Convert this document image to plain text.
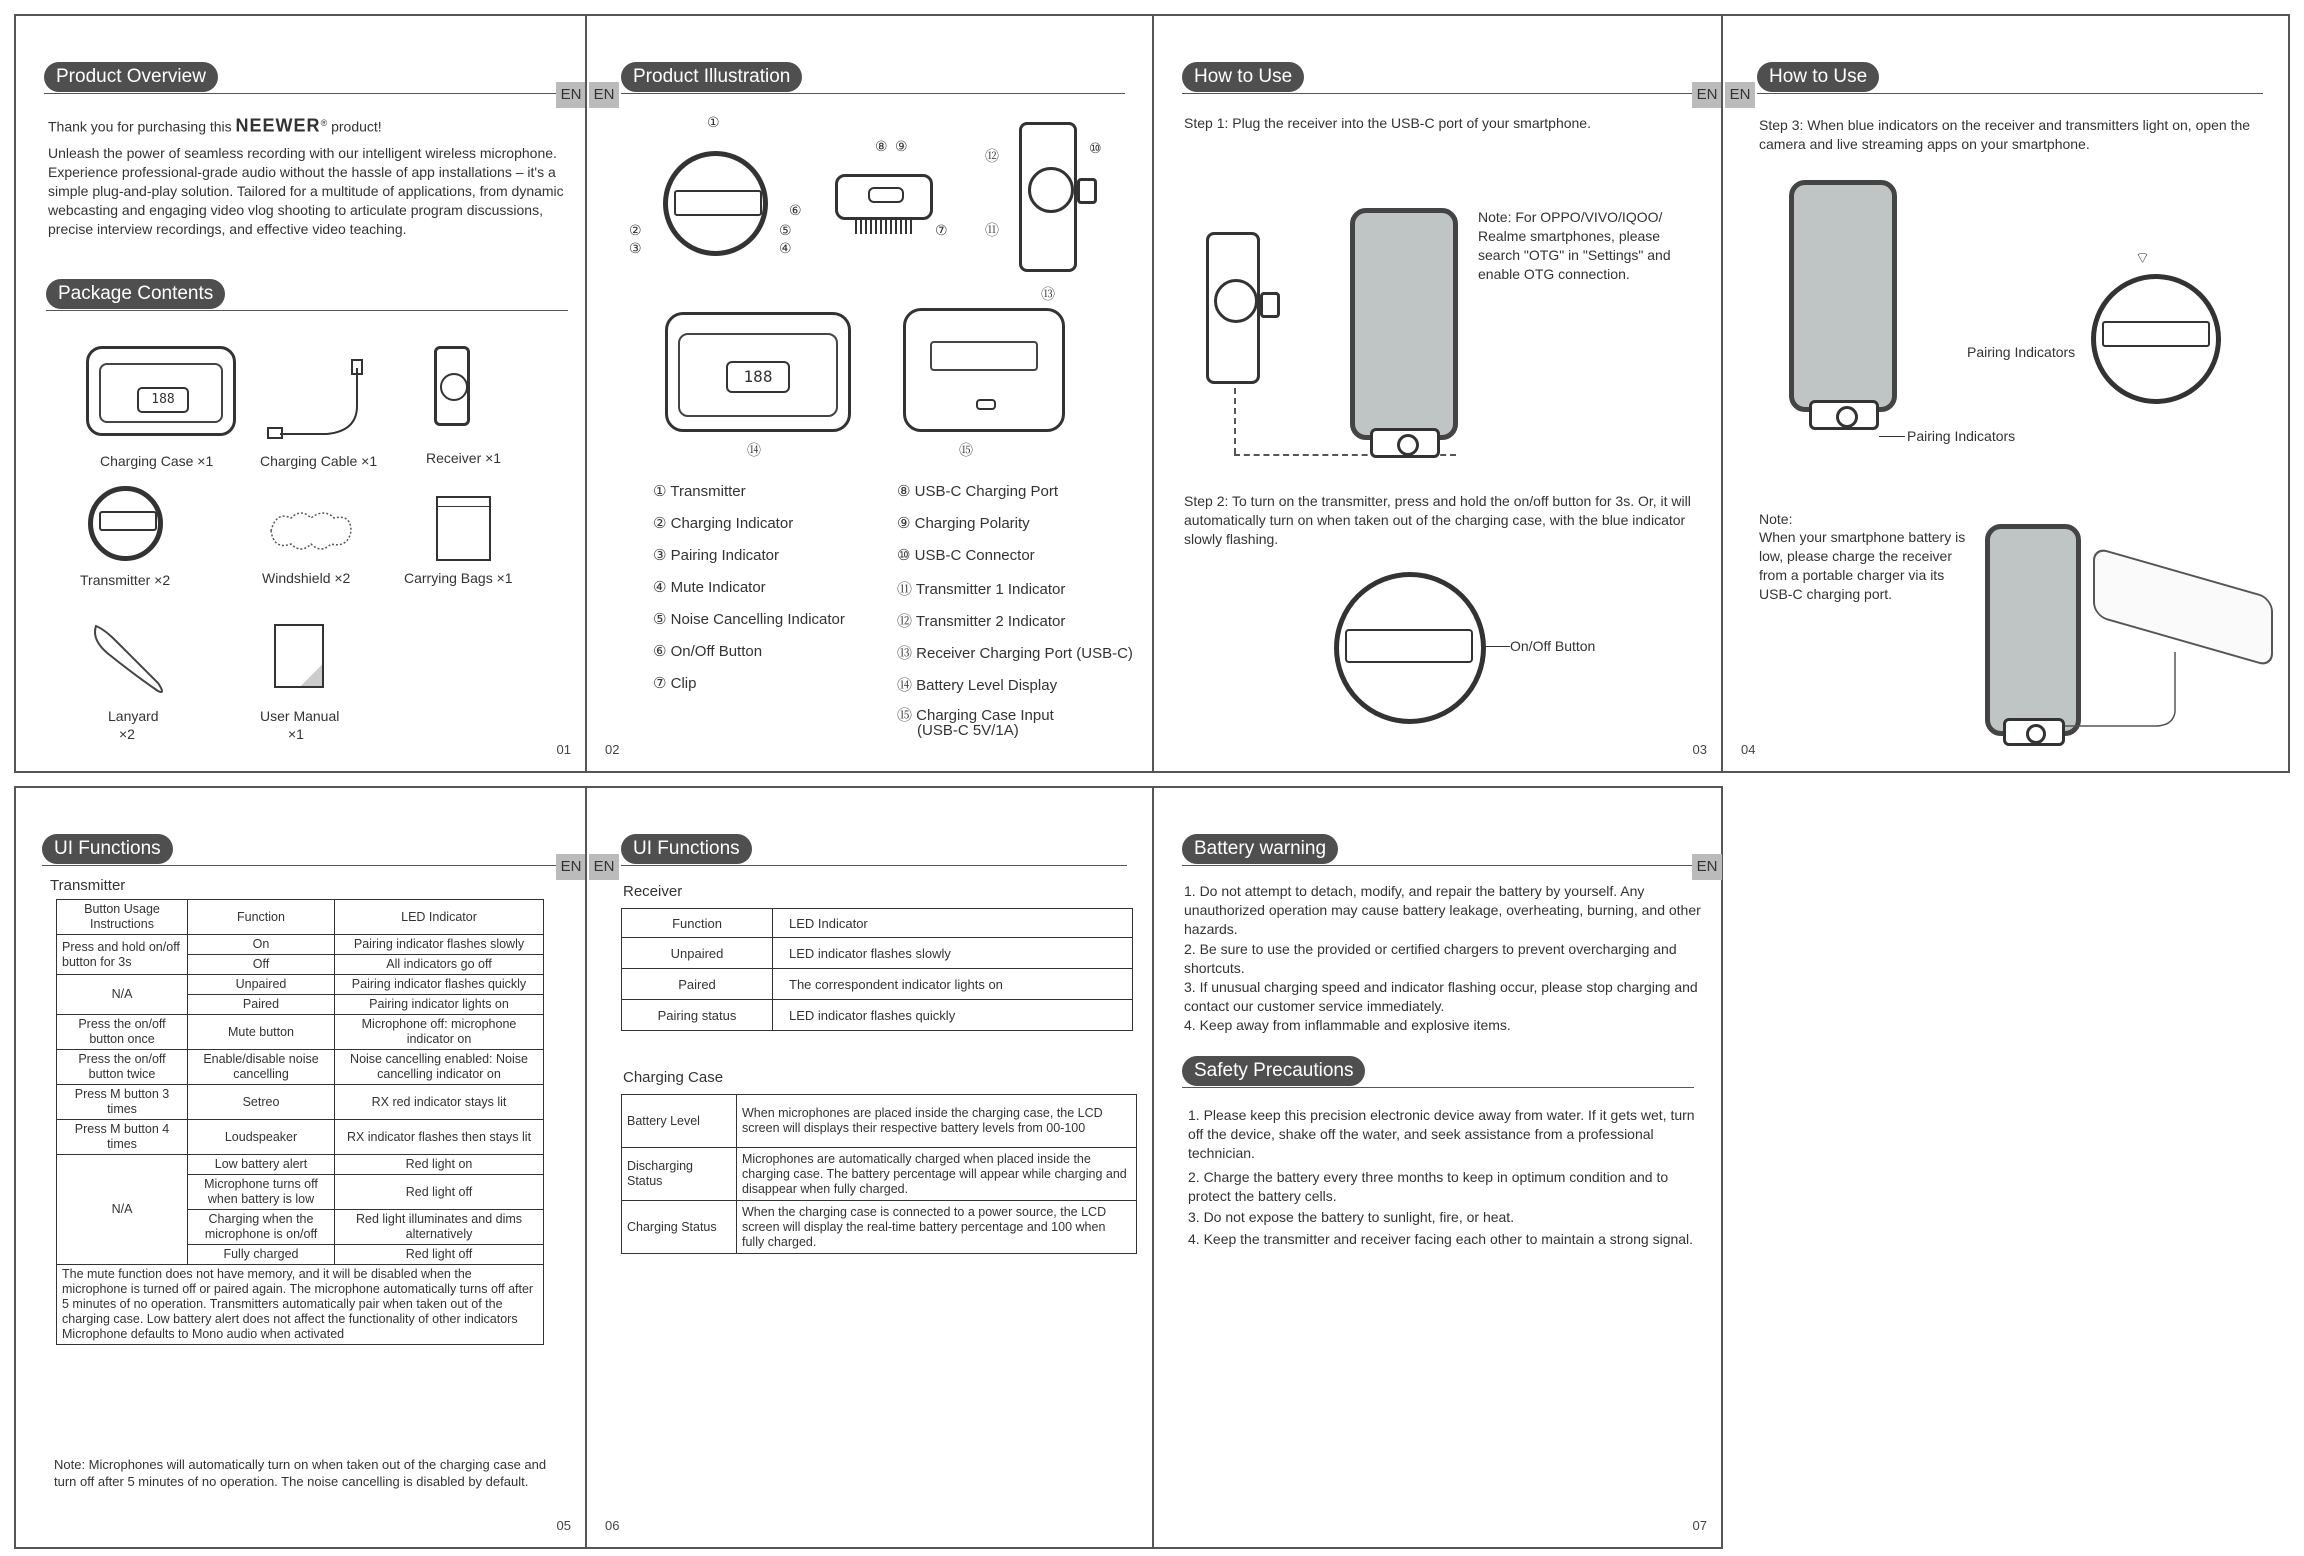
Product Overview
EN
Thank you for purchasing this NEEWER® product!
Unleash the power of seamless recording with our intelligent wireless microphone. Experience professional-grade audio without the hassle of app installations – it's a simple plug-and-play solution. Tailored for a multitude of applications, from dynamic webcasting and engaging video vlog shooting to articulate program discussions, precise interview recordings, and effective video teaching.
Package Contents
188
Charging Case ×1	Charging Cable ×1	Receiver ×1
Transmitter ×2	Windshield ×2	Carrying Bags ×1
Lanyard
×2
User Manual
×1
01
EN
Product Illustration
①
②
③	④
⑤
⑥
⑧ ⑨
⑦
⑩
⑪
⑫
⑬
188
⑭	⑮
① Transmitter
② Charging Indicator
③ Pairing Indicator
④ Mute Indicator
⑤ Noise Cancelling Indicator
⑥ On/Off Button
⑦ Clip
⑧ USB-C Charging Port
⑨ Charging Polarity
⑩ USB-C Connector
⑪ Transmitter 1 Indicator
⑫ Transmitter 2 Indicator
⑬ Receiver Charging Port (USB-C)
⑭ Battery Level Display
⑮ Charging Case Input
(USB-C 5V/1A)
02
How to Use
EN
Step 1: Plug the receiver into the USB-C port of your smartphone.
Note: For OPPO/VIVO/IQOO/ Realme smartphones, please search "OTG" in "Settings" and enable OTG connection.
Step 2: To turn on the transmitter, press and hold the on/off button for 3s. Or, it will automatically turn on when taken out of the charging case, with the blue indicator slowly flashing.
On/Off Button
03
EN
How to Use
Step 3: When blue indicators on the receiver and transmitters light on, open the camera and live streaming apps on your smartphone.
Pairing Indicators
⌔
Pairing Indicators
Note:
When your smartphone battery is low, please charge the receiver from a portable charger via its USB-C charging port.
04
UI Functions
EN
Transmitter
Button Usage Instructions	Function	LED Indicator
Press and hold on/off button for 3s	On	Pairing indicator flashes slowly
	Off	All indicators go off
N/A	Unpaired	Pairing indicator flashes quickly
	Paired	Pairing indicator lights on
Press the on/off button once	Mute button	Microphone off: microphone indicator on
Press the on/off button twice	Enable/disable noise cancelling	Noise cancelling enabled: Noise cancelling indicator on
Press M button 3 times	Setreo	RX red indicator stays lit
Press M button 4 times	Loudspeaker	RX indicator flashes then stays lit
N/A	Low battery alert	Red light on
	Microphone turns off when battery is low	Red light off
	Charging when the microphone is on/off	Red light illuminates and dims alternatively
	Fully charged	Red light off
The mute function does not have memory, and it will be disabled when the microphone is turned off or paired again. The microphone automatically turns off after 5 minutes of no operation. Transmitters automatically pair when taken out of the charging case. Low battery alert does not affect the functionality of other indicators Microphone defaults to Mono audio when activated		
Note: Microphones will automatically turn on when taken out of the charging case and turn off after 5 minutes of no operation. The noise cancelling is disabled by default.
05
EN
UI Functions
Receiver
Function	LED Indicator
Unpaired	LED indicator flashes slowly
Paired	The correspondent indicator lights on
Pairing status	LED indicator flashes quickly
Charging Case
Battery Level	When microphones are placed inside the charging case, the LCD screen will displays their respective battery levels from 00-100
Discharging Status	Microphones are automatically charged when placed inside the charging case. The battery percentage will appear while charging and disappear when fully charged.
Charging Status	When the charging case is connected to a power source, the LCD screen will display the real-time battery percentage and 100 when fully charged.
06
Battery warning
EN
1. Do not attempt to detach, modify, and repair the battery by yourself. Any unauthorized operation may cause battery leakage, overheating, burning, and other hazards.
2. Be sure to use the provided or certified chargers to prevent overcharging and shortcuts.
3. If unusual charging speed and indicator flashing occur, please stop charging and contact our customer service immediately.
4. Keep away from inflammable and explosive items.
Safety Precautions
1. Please keep this precision electronic device away from water. If it gets wet, turn off the device, shake off the water, and seek assistance from a professional technician.
2. Charge the battery every three months to keep in optimum condition and to protect the battery cells.
3. Do not expose the battery to sunlight, fire, or heat.
4. Keep the transmitter and receiver facing each other to maintain a strong signal.
07
